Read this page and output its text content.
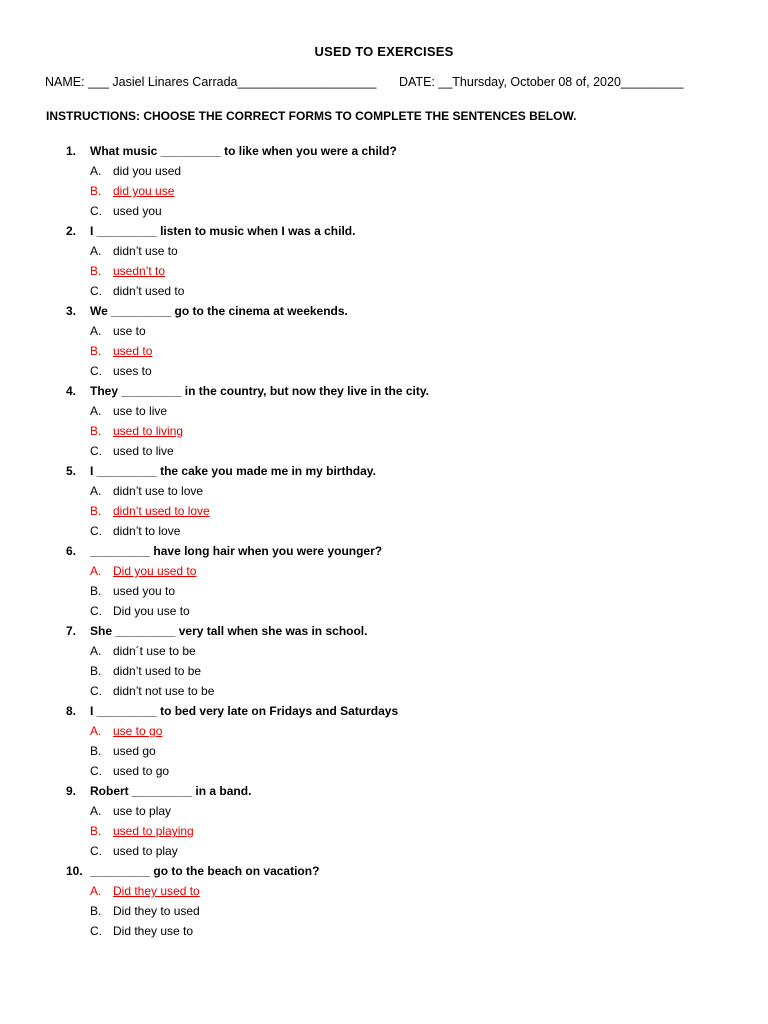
USED TO EXERCISES
NAME: ___ Jasiel Linares Carrada____________________ DATE: __Thursday, October 08 of, 2020_________
INSTRUCTIONS: CHOOSE THE CORRECT FORMS TO COMPLETE THE SENTENCES BELOW.
1. What music _________ to like when you were a child?
A. did you used
B. did you use
C. used you
2. I _________ listen to music when I was a child.
A. didn’t use to
B. usedn’t to
C. didn’t used to
3. We _________ go to the cinema at weekends.
A. use to
B. used to
C. uses to
4. They _________ in the country, but now they live in the city.
A. use to live
B. used to living
C. used to live
5. I _________ the cake you made me in my birthday.
A. didn’t use to love
B. didn’t used to love
C. didn’t to love
6. _________ have long hair when you were younger?
A. Did you used to
B. used you to
C. Did you use to
7. She _________ very tall when she was in school.
A. didn´t use to be
B. didn’t used to be
C. didn’t not use to be
8. I _________ to bed very late on Fridays and Saturdays
A. use to go
B. used go
C. used to go
9. Robert _________ in a band.
A. use to play
B. used to playing
C. used to play
10. _________ go to the beach on vacation?
A. Did they used to
B. Did they to used
C. Did they use to
